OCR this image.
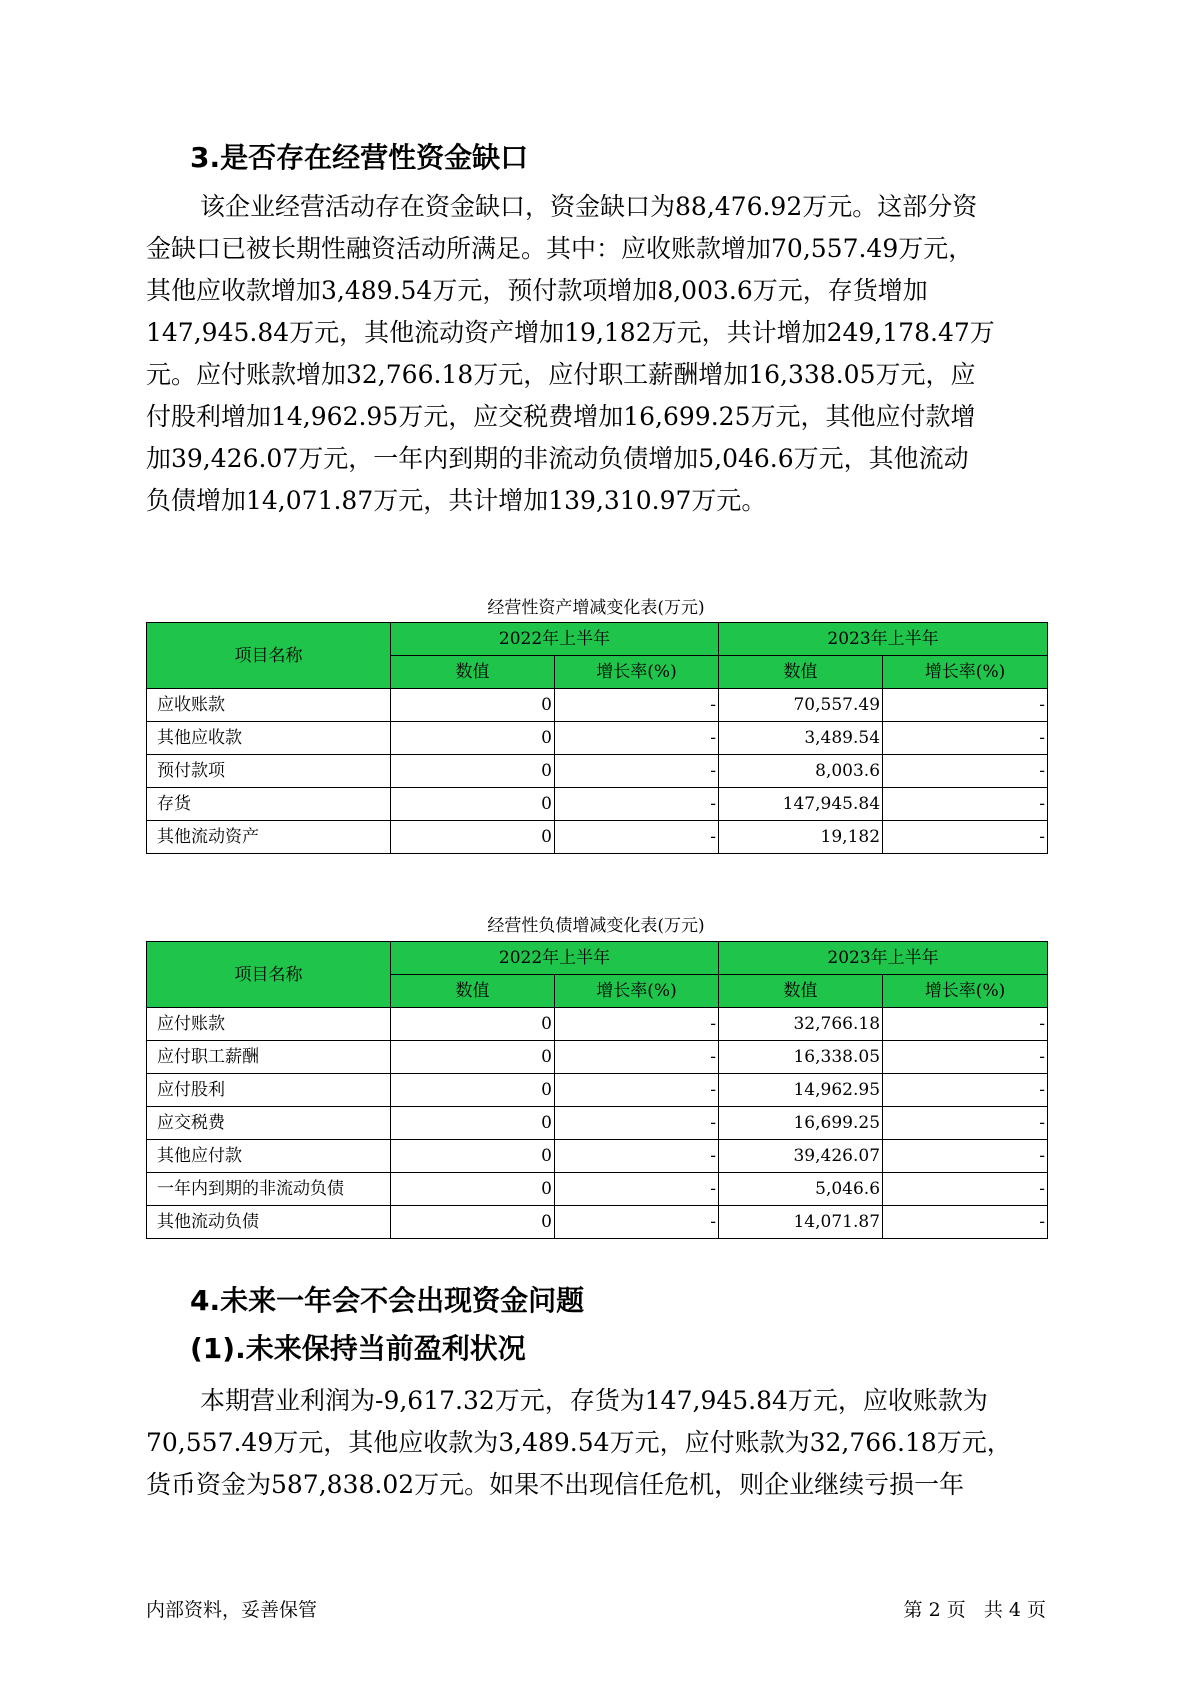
3.是否存在经营性资金缺口
该企业经营活动存在资金缺口，资金缺口为88,476.92万元。这部分资
金缺口已被长期性融资活动所满足。其中：应收账款增加70,557.49万元，
其他应收款增加3,489.54万元，预付款项增加8,003.6万元，存货增加
147,945.84万元，其他流动资产增加19,182万元，共计增加249,178.47万
元。应付账款增加32,766.18万元，应付职工薪酬增加16,338.05万元，应
付股利增加14,962.95万元，应交税费增加16,699.25万元，其他应付款增
加39,426.07万元，一年内到期的非流动负债增加5,046.6万元，其他流动
负债增加14,071.87万元，共计增加139,310.97万元。
经营性资产增减变化表(万元)
项目名称	2022年上半年		2023年上半年	
	数值	增长率(%)	数值	增长率(%)
应收账款	0	-	70,557.49	-
其他应收款	0	-	3,489.54	-
预付款项	0	-	8,003.6	-
存货	0	-	147,945.84	-
其他流动资产	0	-	19,182	-
经营性负债增减变化表(万元)
项目名称	2022年上半年		2023年上半年	
	数值	增长率(%)	数值	增长率(%)
应付账款	0	-	32,766.18	-
应付职工薪酬	0	-	16,338.05	-
应付股利	0	-	14,962.95	-
应交税费	0	-	16,699.25	-
其他应付款	0	-	39,426.07	-
一年内到期的非流动负债	0	-	5,046.6	-
其他流动负债	0	-	14,071.87	-
4.未来一年会不会出现资金问题
(1).未来保持当前盈利状况
本期营业利润为-9,617.32万元，存货为147,945.84万元，应收账款为
70,557.49万元，其他应收款为3,489.54万元，应付账款为32,766.18万元，
货币资金为587,838.02万元。如果不出现信任危机，则企业继续亏损一年
内部资料，妥善保管	第 2 页   共 4 页
